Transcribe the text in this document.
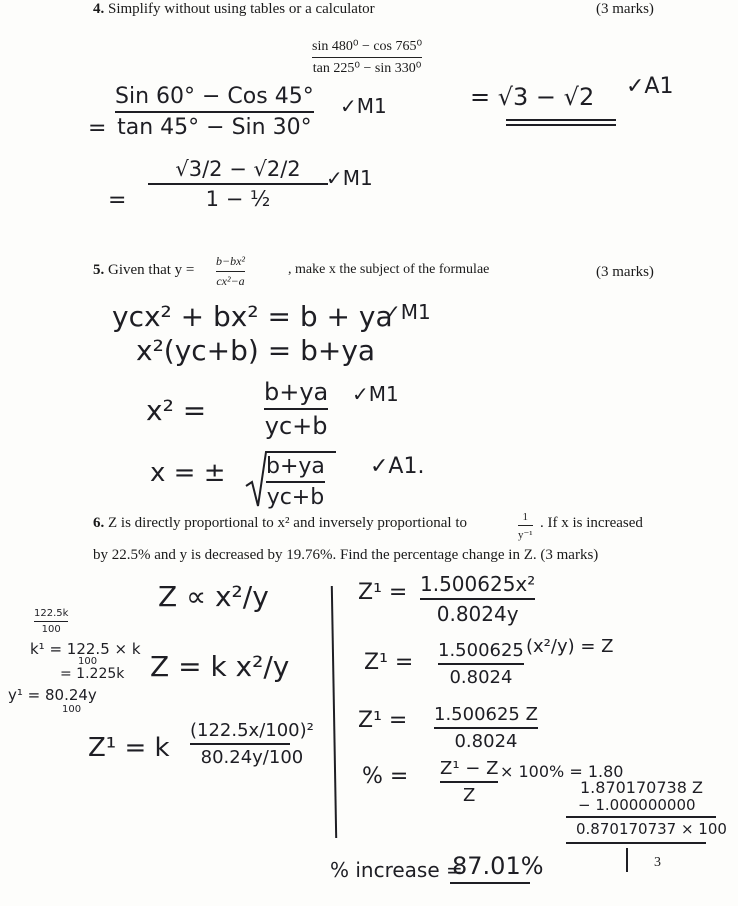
4. Simplify without using tables or a calculator	(3 marks)
sin 480⁰ − cos 765⁰
tan 225⁰ − sin 330⁰
=
Sin 60° − Cos 45°
tan 45° − Sin 30°
✓M1	= √3 − √2 ✓A1
=
√3/2 − √2/2
1 − ½
✓M1
5. Given that y =
b−bx²
cx²−a
, make x the subject of the formulae	(3 marks)
ycx² + bx² = b + ya
✓M1
x²(yc+b) = b+ya
x² =
b+ya
yc+b
✓M1
x = ± b+ya
yc+b
✓A1.
6. Z is directly proportional to x² and inversely proportional to	1
y⁻¹
. If x is increased
by 22.5% and y is decreased by 19.76%. Find the percentage change in Z. (3 marks)
Z ∝ x²/y
Z = k x²/y
122.5k
100
k¹ = 122.5 × k
100
= 1.225k
y¹ = 80.24y
100
Z¹ = k
(122.5x/100)²
80.24y/100
Z¹ = 1.500625x²
0.8024y
Z¹ = 1.500625
0.8024
(x²/y) = Z
Z¹ = 1.500625 Z
0.8024
% = Z¹ − Z
Z
× 100% = 1.80
1.870170738 Z
− 1.000000000
0.870170737 × 100
% increase =
87.01%	3
